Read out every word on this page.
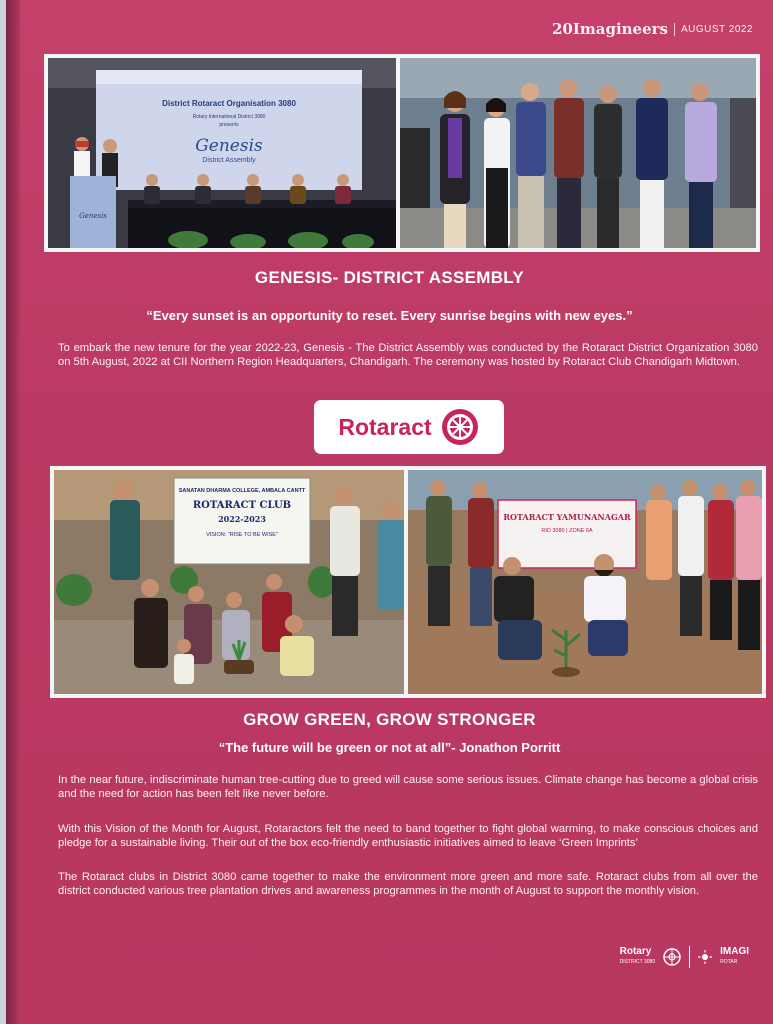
20Imagineers AUGUST 2022
District Rotaract Organisation 3080
Rotary International District 3080
presents
Genesis
District Assembly
Genesis
GENESIS- DISTRICT ASSEMBLY
“Every sunset is an opportunity to reset. Every sunrise begins with new eyes.”
To embark the new tenure for the year 2022-23, Genesis - The District Assembly was conducted by the Rotaract District Organization 3080 on 5th August, 2022 at CII Northern Region Headquarters, Chandigarh. The ceremony was hosted by Rotaract Club Chandigarh Midtown.
Rotaract
SANATAN DHARMA COLLEGE, AMBALA CANTT
ROTARACT CLUB
2022-2023
VISION: "RISE TO BE WISE"
ROTARACT YAMUNANAGAR
RID 3080 | ZONE 6A
GROW GREEN, GROW STRONGER
“The future will be green or not at all”- Jonathon Porritt
In the near future, indiscriminate human tree-cutting due to greed will cause some serious issues. Climate change has become a global crisis and the need for action has been felt like never before.
With this Vision of the Month for August, Rotaractors felt the need to band together to fight global warming, to make conscious choices and pledge for a sustainable living. Their out of the box eco-friendly enthusiastic initiatives aimed to leave ‘Green Imprints’
The Rotaract clubs in District 3080 came together to make the environment more green and more safe. Rotaract clubs from all over the district conducted various tree plantation drives and awareness programmes in the month of August to support the monthly vision.
Rotary
DISTRICT 3080
IMAGI
ROTAR
